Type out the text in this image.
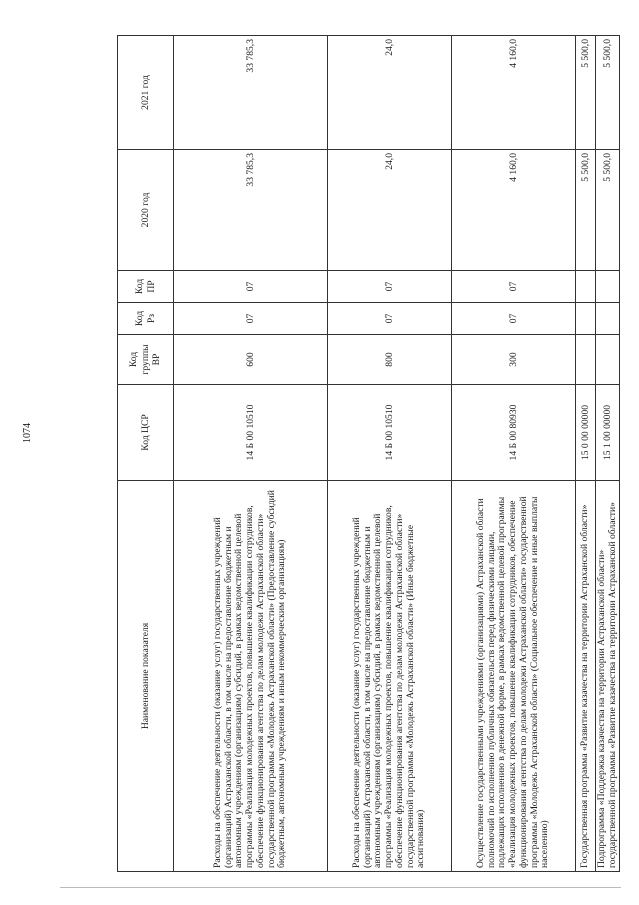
1074
Наименование показателя	Код ЦСР	Код группы ВР	Код Рз	Код ПР	2020 год	2021 год
Расходы на обеспечение деятельности (оказание услуг) государственных учреждений (организаций) Астраханской области, в том числе на предоставление бюджетным и автономным учреждениям (организациям) субсидий, в рамках ведомственной целевой программы «Реализация молодежных проектов, повышение квалификации сотрудников, обеспечение функционирования агентства по делам молодежи Астраханской области» государственной программы «Молодежь Астраханской области» (Предоставление субсидий бюджетным, автономным учреждениям и иным некоммерческим организациям)	14 Б 00 10510	600	07	07	33 785,3	33 785,3
Расходы на обеспечение деятельности (оказание услуг) государственных учреждений (организаций) Астраханской области, в том числе на предоставление бюджетным и автономным учреждениям (организациям) субсидий, в рамках ведомственной целевой программы «Реализация молодежных проектов, повышение квалификации сотрудников, обеспечение функционирования агентства по делам молодежи Астраханской области» государственной программы «Молодежь Астраханской области» (Иные бюджетные ассигнования)	14 Б 00 10510	800	07	07	24,0	24,0
Осуществление государственными учреждениями (организациями) Астраханской области полномочий по исполнению публичных обязательств перед физическими лицами, подлежащих исполнению в денежной форме, в рамках ведомственной целевой программы «Реализация молодежных проектов, повышение квалификации сотрудников, обеспечение функционирования агентства по делам молодежи Астраханской области» государственной программы «Молодежь Астраханской области» (Социальное обеспечение и иные выплаты населению)	14 Б 00 80930	300	07	07	4 160,0	4 160,0
Государственная программа «Развитие казачества на территории Астраханской области»	15 0 00 00000				5 500,0	5 500,0
Подпрограмма «Поддержка казачества на территории Астраханской области» государственной программы «Развитие казачества на территории Астраханской области»	15 1 00 00000				5 500,0	5 500,0
